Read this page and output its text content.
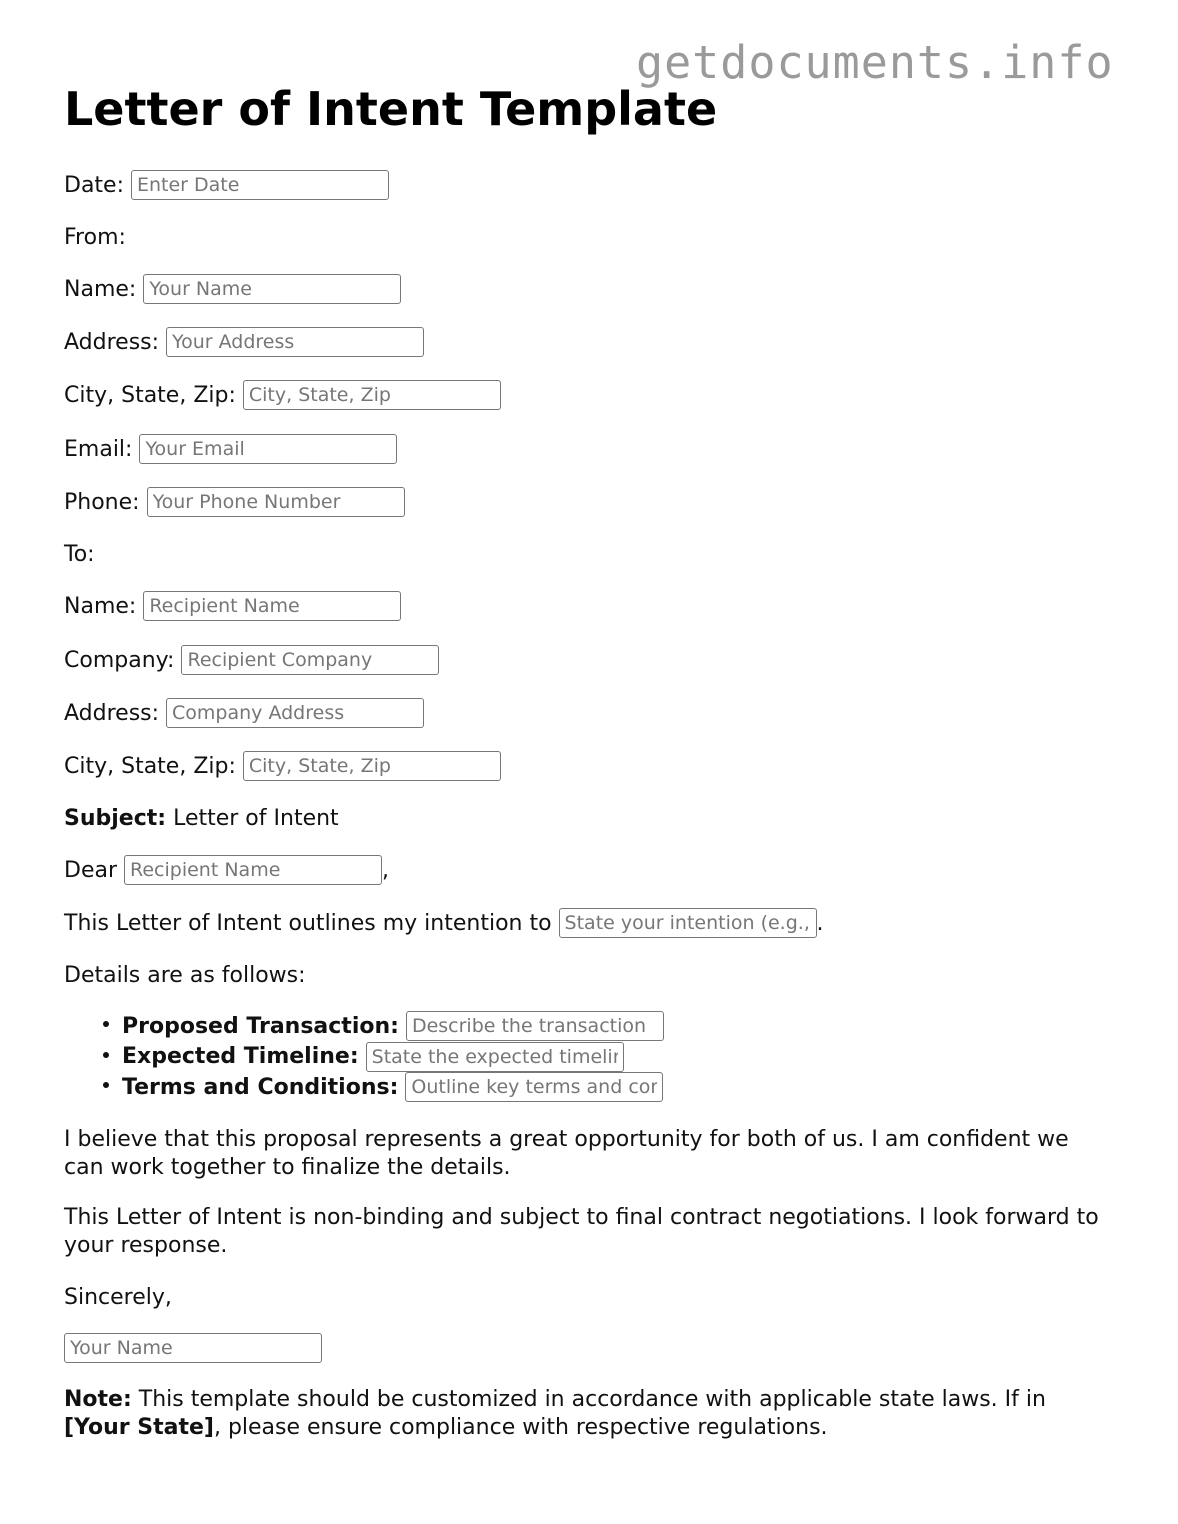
getdocuments.info
Letter of Intent Template
Date:
Enter Date
From:
Name:
Your Name
Address:
Your Address
City, State, Zip:
City, State, Zip
Email:
Your Email
Phone:
Your Phone Number
To:
Name:
Recipient Name
Company:
Recipient Company
Address:
Company Address
City, State, Zip:
City, State, Zip
Subject:
Letter of Intent
Dear
Recipient Name	,
This Letter of Intent outlines my intention to
State your intention (e.g., purchase, partnership)	.
Details are as follows:
• Proposed Transaction:
Describe the transaction
• Expected Timeline:
State the expected timeline
• Terms and Conditions:
Outline key terms and conditions

I believe that this proposal represents a great opportunity for both of us. I am confident we can work together to finalize the details.

This Letter of Intent is non-binding and subject to final contract negotiations. I look forward to your response.

Sincerely,
Your Name

Note: This template should be customized in accordance with applicable state laws. If in [Your State], please ensure compliance with respective regulations.
